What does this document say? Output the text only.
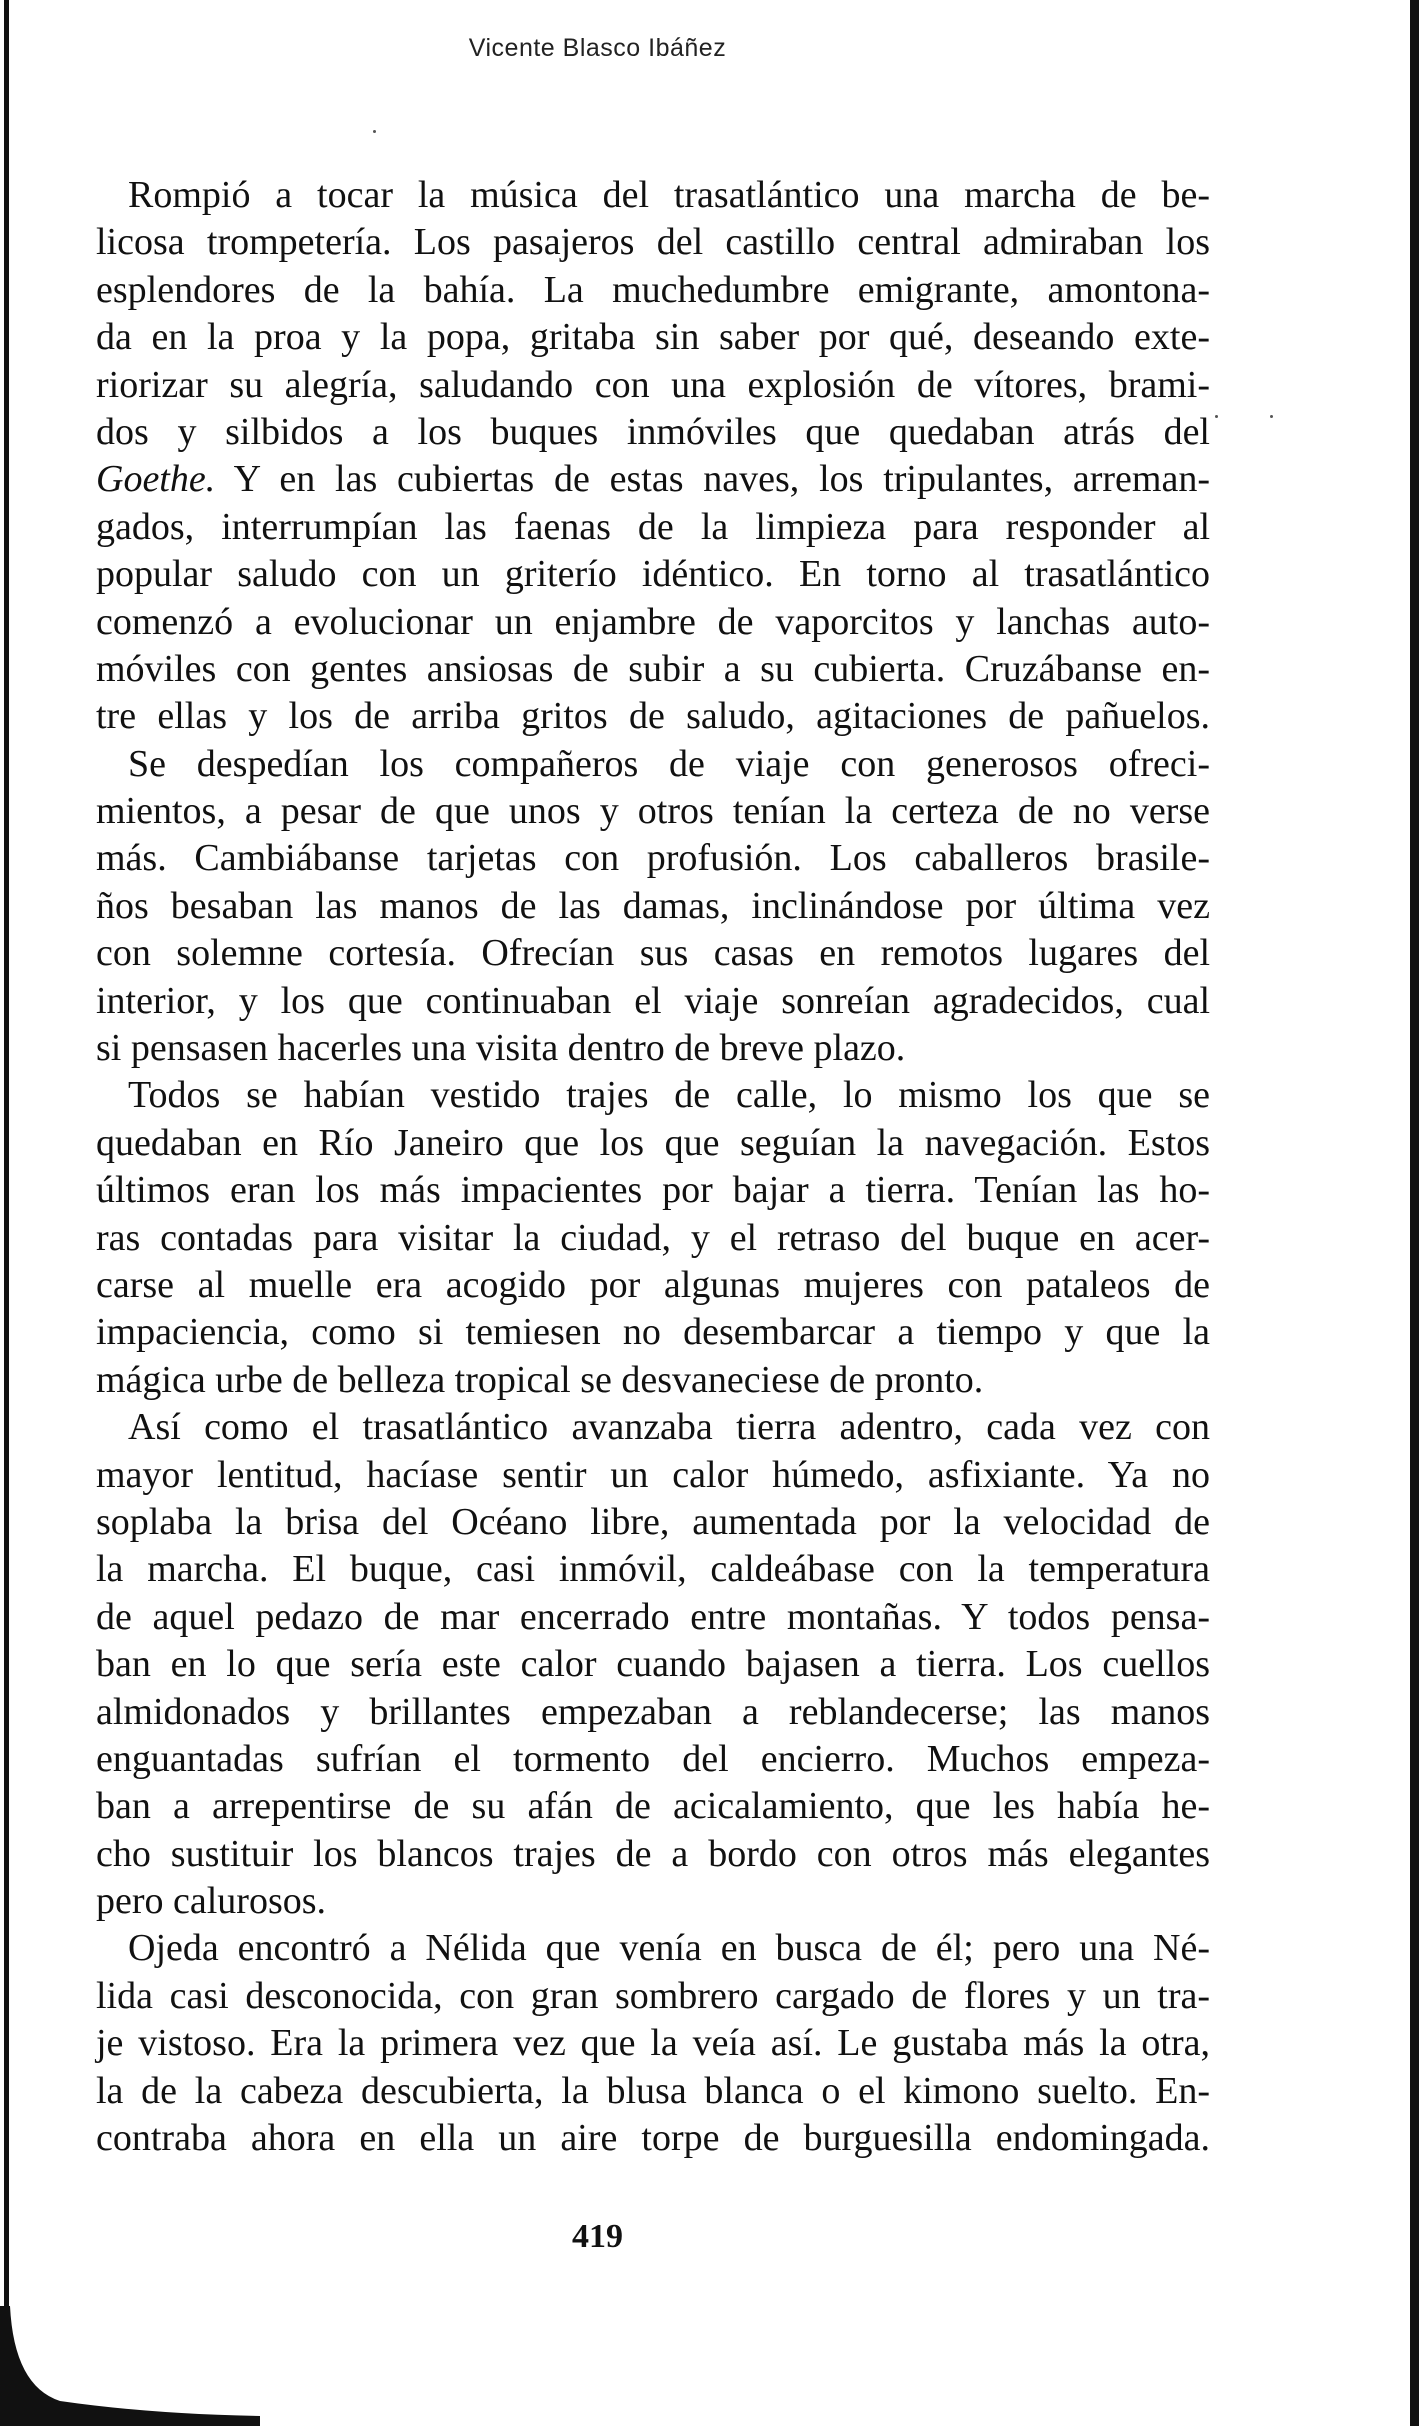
Vicente Blasco Ibáñez
Rompió a tocar la música del trasatlántico una marcha de be-
licosa trompetería. Los pasajeros del castillo central admiraban los
esplendores de la bahía. La muchedumbre emigrante, amontona-
da en la proa y la popa, gritaba sin saber por qué, deseando exte-
riorizar su alegría, saludando con una explosión de vítores, brami-
dos y silbidos a los buques inmóviles que quedaban atrás del
Goethe. Y en las cubiertas de estas naves, los tripulantes, arreman-
gados, interrumpían las faenas de la limpieza para responder al
popular saludo con un griterío idéntico. En torno al trasatlántico
comenzó a evolucionar un enjambre de vaporcitos y lanchas auto-
móviles con gentes ansiosas de subir a su cubierta. Cruzábanse en-
tre ellas y los de arriba gritos de saludo, agitaciones de pañuelos.
Se despedían los compañeros de viaje con generosos ofreci-
mientos, a pesar de que unos y otros tenían la certeza de no verse
más. Cambiábanse tarjetas con profusión. Los caballeros brasile-
ños besaban las manos de las damas, inclinándose por última vez
con solemne cortesía. Ofrecían sus casas en remotos lugares del
interior, y los que continuaban el viaje sonreían agradecidos, cual
si pensasen hacerles una visita dentro de breve plazo.
Todos se habían vestido trajes de calle, lo mismo los que se
quedaban en Río Janeiro que los que seguían la navegación. Estos
últimos eran los más impacientes por bajar a tierra. Tenían las ho-
ras contadas para visitar la ciudad, y el retraso del buque en acer-
carse al muelle era acogido por algunas mujeres con pataleos de
impaciencia, como si temiesen no desembarcar a tiempo y que la
mágica urbe de belleza tropical se desvaneciese de pronto.
Así como el trasatlántico avanzaba tierra adentro, cada vez con
mayor lentitud, hacíase sentir un calor húmedo, asfixiante. Ya no
soplaba la brisa del Océano libre, aumentada por la velocidad de
la marcha. El buque, casi inmóvil, caldeábase con la temperatura
de aquel pedazo de mar encerrado entre montañas. Y todos pensa-
ban en lo que sería este calor cuando bajasen a tierra. Los cuellos
almidonados y brillantes empezaban a reblandecerse; las manos
enguantadas sufrían el tormento del encierro. Muchos empeza-
ban a arrepentirse de su afán de acicalamiento, que les había he-
cho sustituir los blancos trajes de a bordo con otros más elegantes
pero calurosos.
Ojeda encontró a Nélida que venía en busca de él; pero una Né-
lida casi desconocida, con gran sombrero cargado de flores y un tra-
je vistoso. Era la primera vez que la veía así. Le gustaba más la otra,
la de la cabeza descubierta, la blusa blanca o el kimono suelto. En-
contraba ahora en ella un aire torpe de burguesilla endomingada.
419
